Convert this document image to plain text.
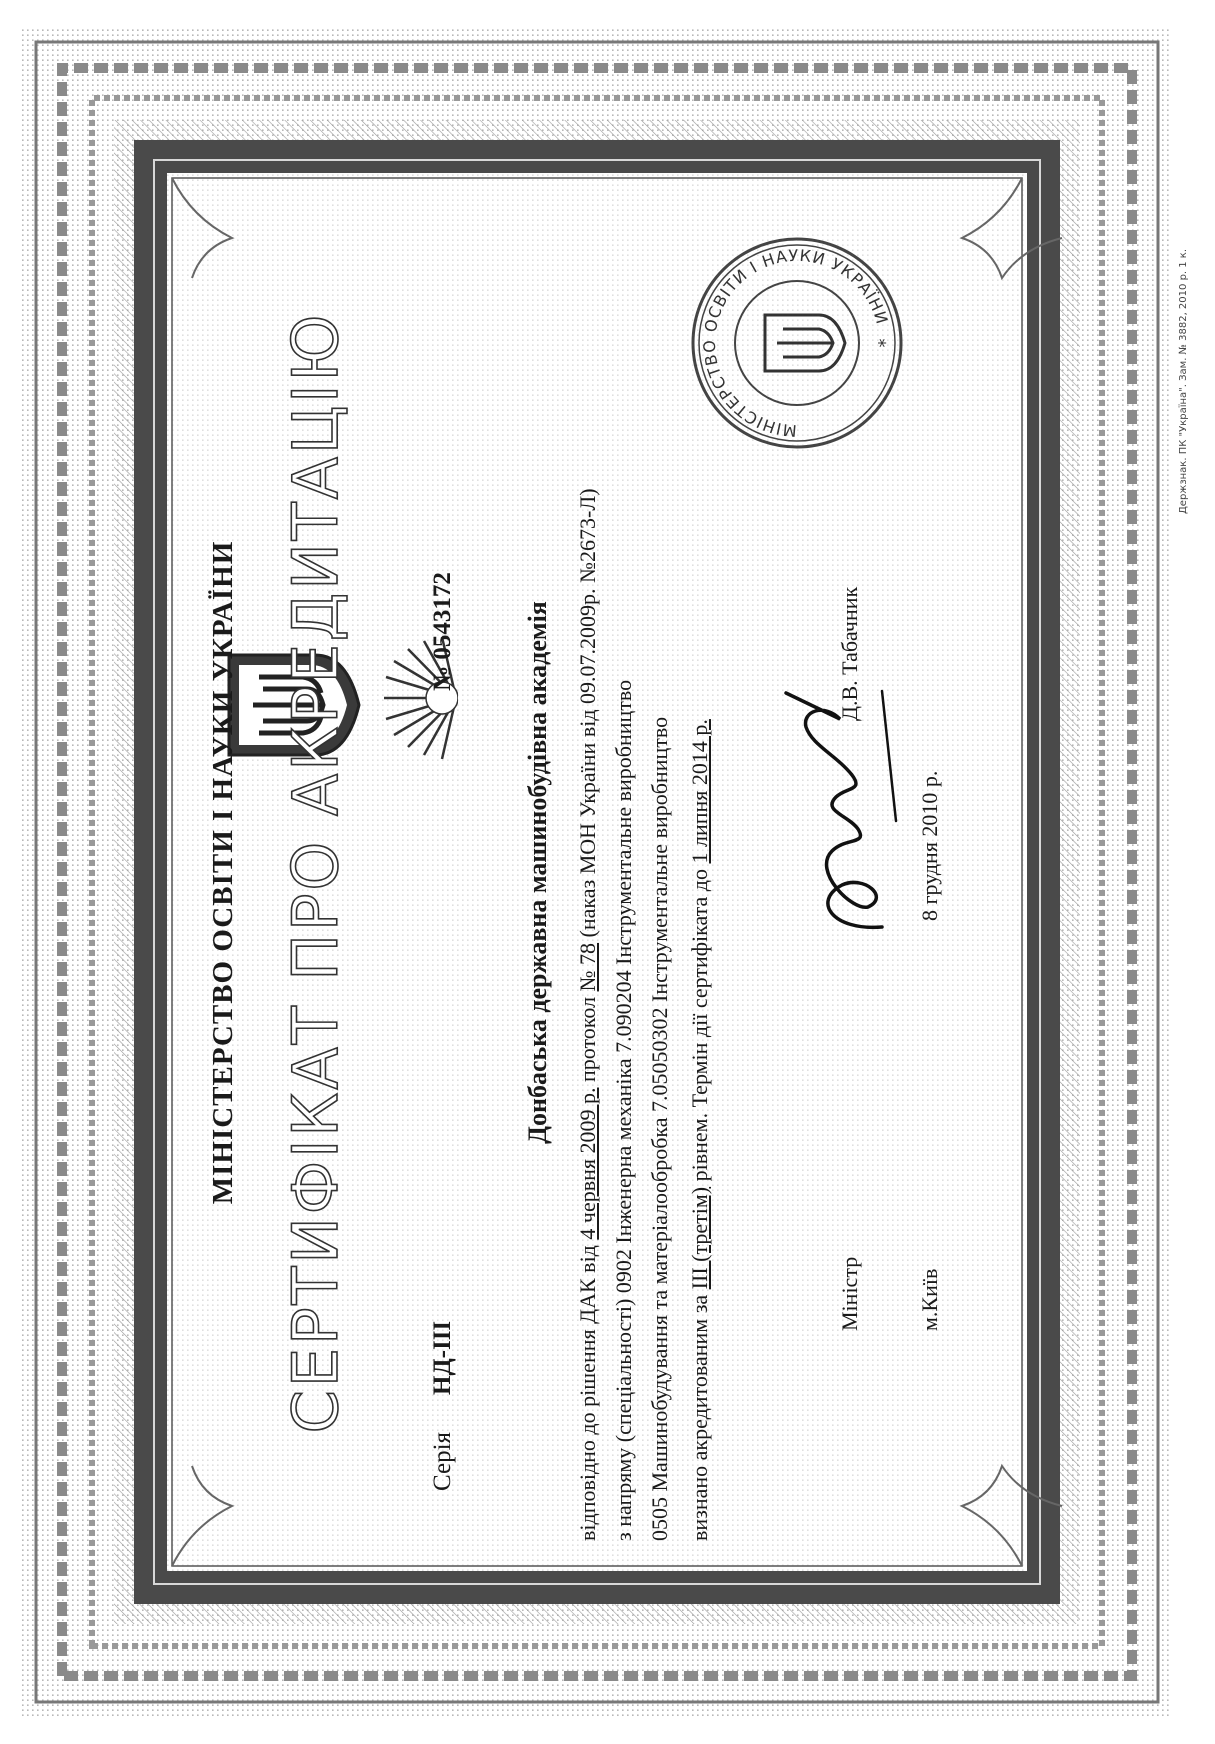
МІНІСТЕРСТВО ОСВІТИ І НАУКИ УКРАЇНИ СЕРТИФІКАТ ПРО АКРЕДИТАЦІЮ
Серія
НД-ІІІ
№ 0543172	Донбаська державна машинобудівна академія
відповідно до рішення ДАК від 4 червня 2009 р. протокол № 78 (наказ МОН України від 09.07.2009р. №2673-Л)
з напряму (спеціальності) 0902 Інженерна механіка 7.090204 Інструментальне виробництво 0505 Машинобудування та матеріалообробка 7.05050302 Інструментальне виробництво визнано акредитованим за III (третім) рівнем. Термін дії сертифіката до 1 липня 2014 р.
Міністр
Д.В. Табачник
м.Київ
8 грудня 2010 р.
МІНІСТЕРСТВО ОСВІТИ І НАУКИ УКРАЇНИ
*	Держзнак. ПК "Україна". Зам. № 3882, 2010 р. 1 к.
